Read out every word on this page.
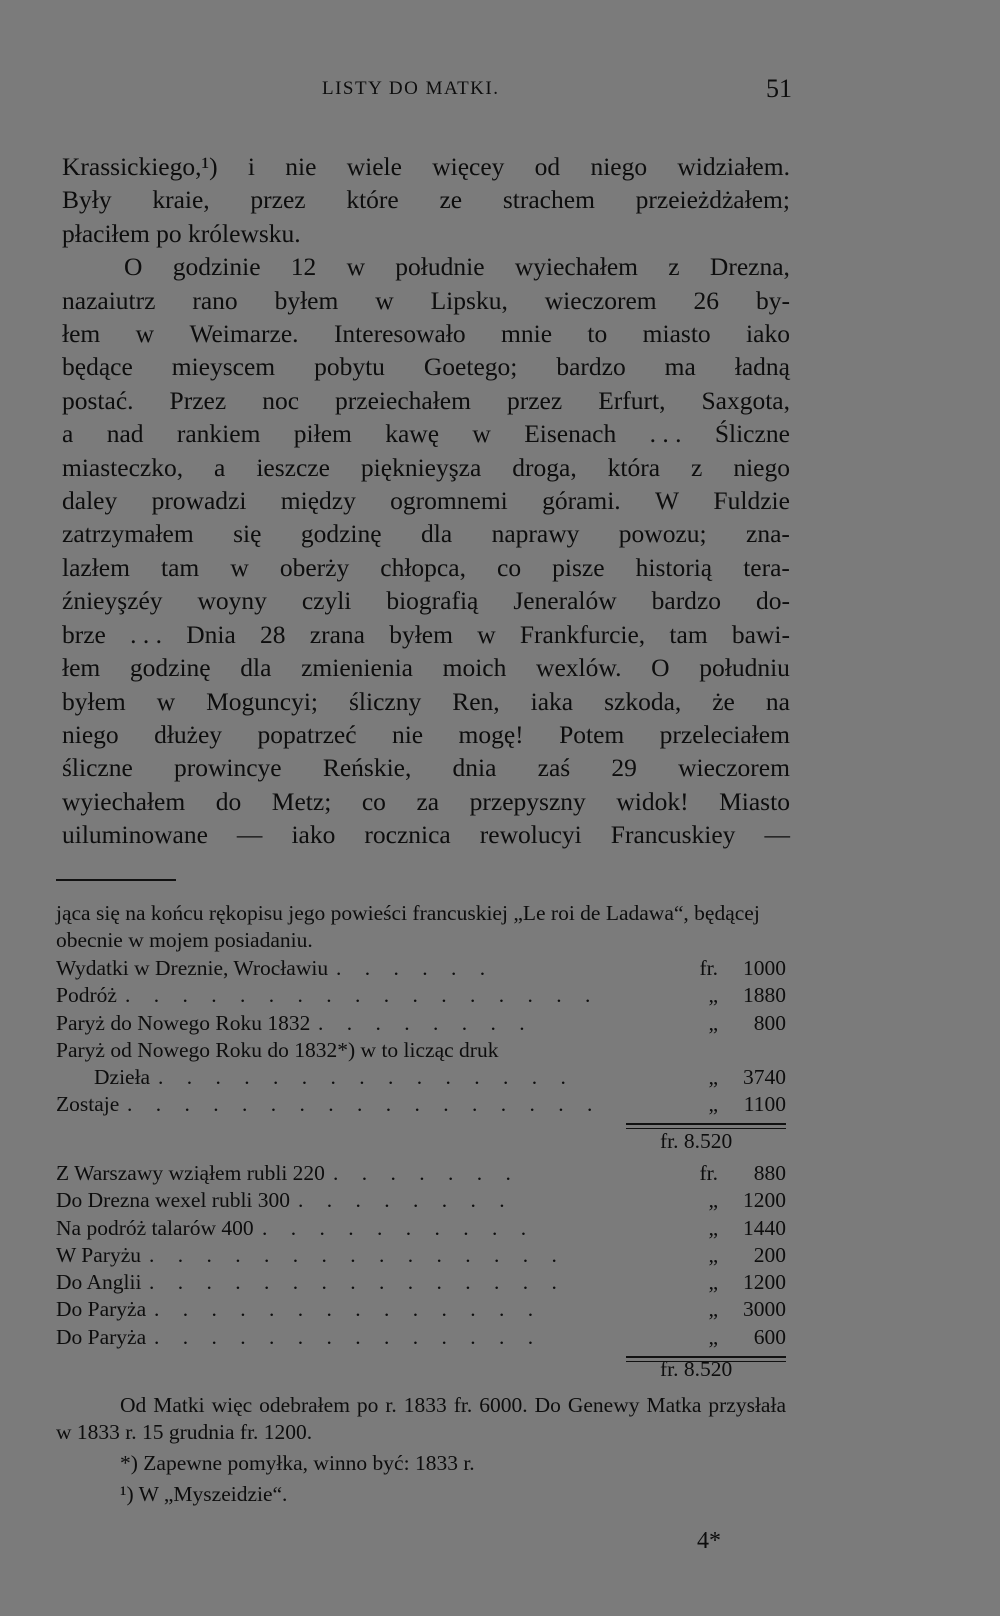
LISTY DO MATKI.	51
Krassickiego,¹) i nie wiele więcey od niego widziałem.
Były kraie, przez które ze strachem przeieżdżałem;
płaciłem po królewsku.
O godzinie 12 w południe wyiechałem z Drezna,
nazaiutrz rano byłem w Lipsku, wieczorem 26 by-
łem w Weimarze. Interesowało mnie to miasto iako
będące mieyscem pobytu Goetego; bardzo ma ładną
postać. Przez noc przeiechałem przez Erfurt, Saxgota,
a nad rankiem piłem kawę w Eisenach . . . Śliczne
miasteczko, a ieszcze pięknieyşza droga, która z niego
daley prowadzi między ogromnemi górami. W Fuldzie
zatrzymałem się godzinę dla naprawy powozu; zna-
lazłem tam w oberży chłopca, co pisze historią tera-
źnieyşzéy woyny czyli biografią Jeneralów bardzo do-
brze . . . Dnia 28 zrana byłem w Frankfurcie, tam bawi-
łem godzinę dla zmienienia moich wexlów. O południu
byłem w Moguncyi; śliczny Ren, iaka szkoda, że na
niego dłużey popatrzeć nie mogę! Potem przeleciałem
śliczne prowincye Reńskie, dnia zaś 29 wieczorem
wyiechałem do Metz; co za przepyszny widok! Miasto
uiluminowane — iako rocznica rewolucyi Francuskiey —
jąca się na końcu rękopisu jego powieści francuskiej „Le roi de Ladawa“, będącej obecnie w mojem posiadaniu.
Wydatki w Dreznie, Wrocławiu . . . . . .	fr. 1000
Podróż . . . . . . . . . . . . . . . . .	„ 1880
Paryż do Nowego Roku 1832 . . . . . . . .	„ 800
Paryż od Nowego Roku do 1832*) w to licząc druk
Dzieła . . . . . . . . . . . . . . .	„ 3740
Zostaje . . . . . . . . . . . . . . . . .	„ 1100
fr. 8.520
Z Warszawy wziąłem rubli 220 . . . . . . .	fr. 880
Do Drezna wexel rubli 300 . . . . . . . .	„ 1200
Na podróż talarów 400 . . . . . . . . . .	„ 1440
W Paryżu . . . . . . . . . . . . . . .	„ 200
Do Anglii . . . . . . . . . . . . . . .	„ 1200
Do Paryża . . . . . . . . . . . . . .	„ 3000
Do Paryża . . . . . . . . . . . . . .	„ 600
fr. 8.520
Od Matki więc odebrałem po r. 1833 fr. 6000. Do Genewy Matka przysłała w 1833 r. 15 grudnia fr. 1200.
*) Zapewne pomyłka, winno być: 1833 r.
¹) W „Myszeidzie“.
4*
